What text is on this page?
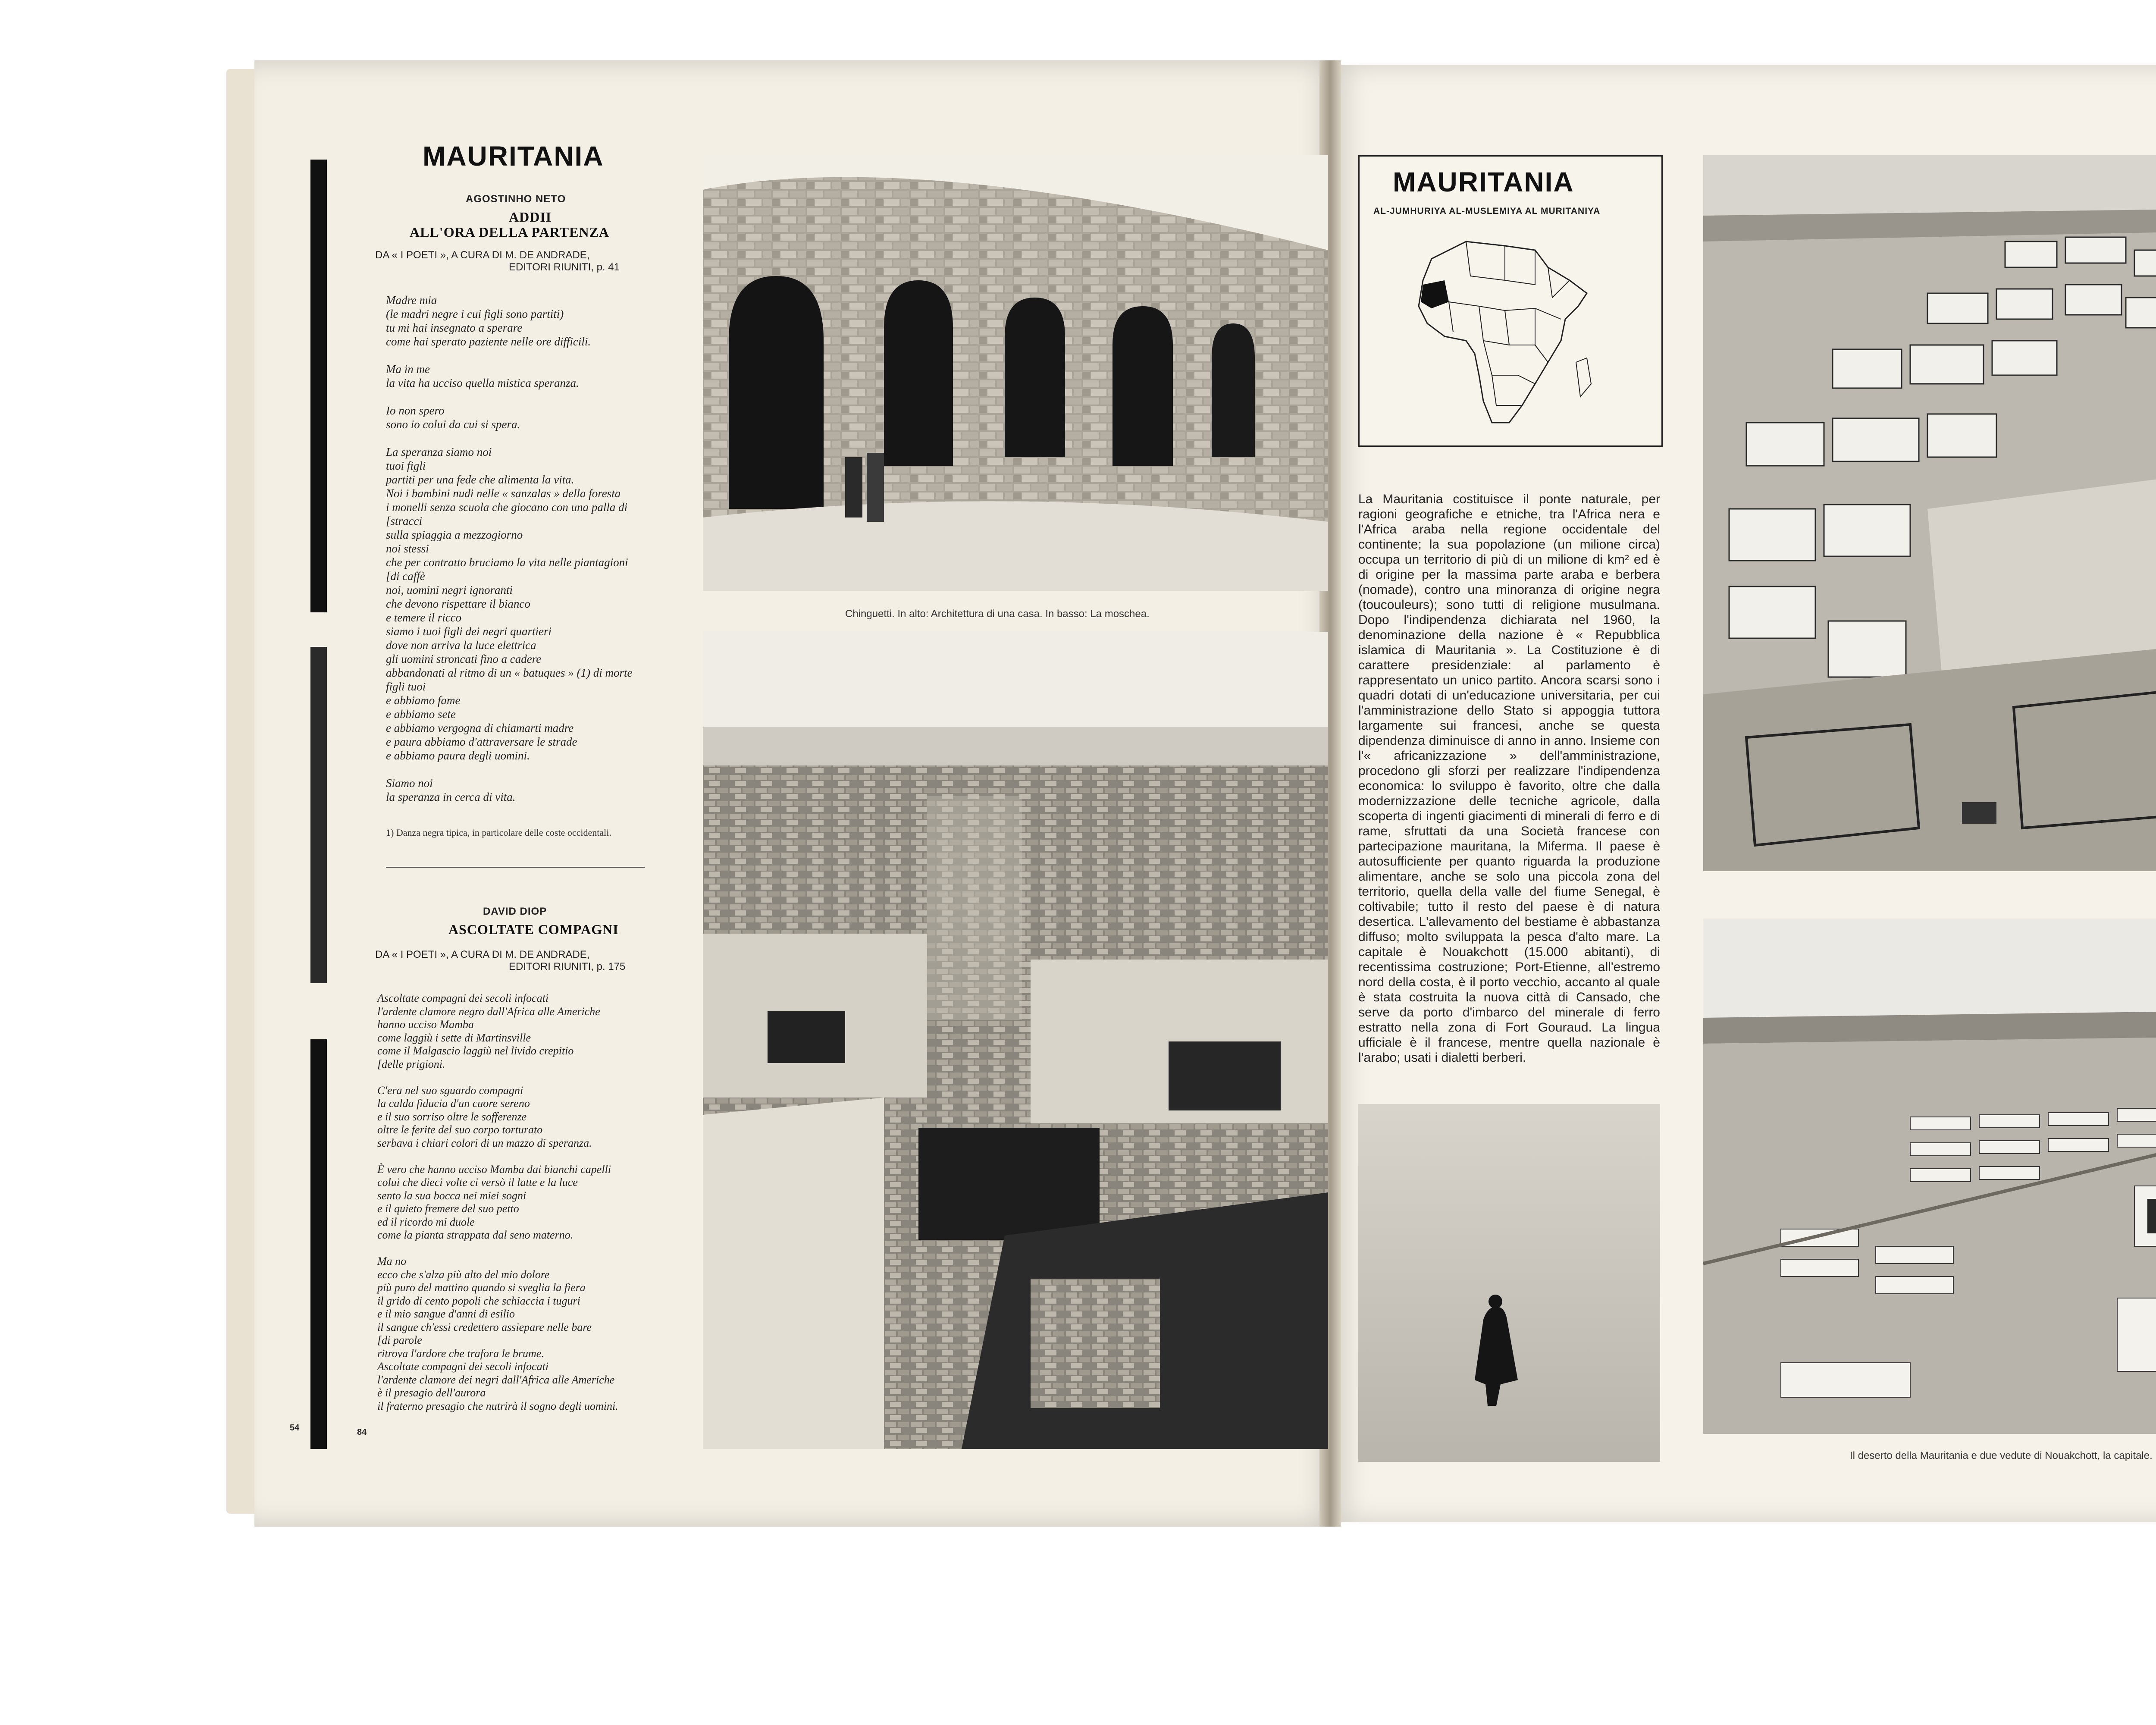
MAURITANIA
AGOSTINHO NETO
ADDII
ALL'ORA DELLA PARTENZA
DA « I POETI », A CURA DI M. DE ANDRADE,
EDITORI RIUNITI, p. 41
Madre mia
(le madri negre i cui figli sono partiti)
tu mi hai insegnato a sperare
come hai sperato paziente nelle ore difficili.

Ma in me
la vita ha ucciso quella mistica speranza.

Io non spero
sono io colui da cui si spera.

La speranza siamo noi
tuoi figli
partiti per una fede che alimenta la vita.
Noi i bambini nudi nelle « sanzalas » della foresta
i monelli senza scuola che giocano con una palla di
[stracci
sulla spiaggia a mezzogiorno
noi stessi
che per contratto bruciamo la vita nelle piantagioni
[di caffè
noi, uomini negri ignoranti
che devono rispettare il bianco
e temere il ricco
siamo i tuoi figli dei negri quartieri
dove non arriva la luce elettrica
gli uomini stroncati fino a cadere
abbandonati al ritmo di un « batuques » (1) di morte
figli tuoi
e abbiamo fame
e abbiamo sete
e abbiamo vergogna di chiamarti madre
e paura abbiamo d'attraversare le strade
e abbiamo paura degli uomini.

Siamo noi
la speranza in cerca di vita.
1) Danza negra tipica, in particolare delle coste occidentali.
DAVID DIOP
ASCOLTATE COMPAGNI
DA « I POETI », A CURA DI M. DE ANDRADE,
EDITORI RIUNITI, p. 175
Ascoltate compagni dei secoli infocati
l'ardente clamore negro dall'Africa alle Americhe
hanno ucciso Mamba
come laggiù i sette di Martinsville
come il Malgascio laggiù nel livido crepitio
[delle prigioni.

C'era nel suo sguardo compagni
la calda fiducia d'un cuore sereno
e il suo sorriso oltre le sofferenze
oltre le ferite del suo corpo torturato
serbava i chiari colori di un mazzo di speranza.

È vero che hanno ucciso Mamba dai bianchi capelli
colui che dieci volte ci versò il latte e la luce
sento la sua bocca nei miei sogni
e il quieto fremere del suo petto
ed il ricordo mi duole
come la pianta strappata dal seno materno.

Ma no
ecco che s'alza più alto del mio dolore
più puro del mattino quando si sveglia la fiera
il grido di cento popoli che schiaccia i tuguri
e il mio sangue d'anni di esilio
il sangue ch'essi credettero assiepare nelle bare
[di parole
ritrova l'ardore che trafora le brume.
Ascoltate compagni dei secoli infocati
l'ardente clamore dei negri dall'Africa alle Americhe
è il presagio dell'aurora
il fraterno presagio che nutrirà il sogno degli uomini.
54	84
Chinguetti. In alto: Architettura di una casa. In basso: La moschea.
MAURITANIA
AL-JUMHURIYA AL-MUSLEMIYA AL MURITANIYA
La Mauritania costituisce il ponte naturale, per ragioni geografiche e etniche, tra l'Africa nera e l'Africa araba nella regione occidentale del continente; la sua popolazione (un milione circa) occupa un territorio di più di un milione di km² ed è di origine per la massima parte araba e berbera (nomade), contro una minoranza di origine negra (toucouleurs); sono tutti di religione musulmana. Dopo l'indipendenza dichiarata nel 1960, la denominazione della nazione è « Repubblica islamica di Mauritania ». La Costituzione è di carattere presidenziale: al parlamento è rappresentato un unico partito. Ancora scarsi sono i quadri dotati di un'educazione universitaria, per cui l'amministrazione dello Stato si appoggia tuttora largamente sui francesi, anche se questa dipendenza diminuisce di anno in anno. Insieme con l'« africanizzazione » dell'amministrazione, procedono gli sforzi per realizzare l'indipendenza economica: lo sviluppo è favorito, oltre che dalla modernizzazione delle tecniche agricole, dalla scoperta di ingenti giacimenti di minerali di ferro e di rame, sfruttati da una Società francese con partecipazione mauritana, la Miferma. Il paese è autosufficiente per quanto riguarda la produzione alimentare, anche se solo una piccola zona del territorio, quella della valle del fiume Senegal, è coltivabile; tutto il resto del paese è di natura desertica. L'allevamento del bestiame è abbastanza diffuso; molto sviluppata la pesca d'alto mare. La capitale è Nouakchott (15.000 abitanti), di recentissima costruzione; Port-Etienne, all'estremo nord della costa, è il porto vecchio, accanto al quale è stata costruita la nuova città di Cansado, che serve da porto d'imbarco del minerale di ferro estratto nella zona di Fort Gouraud. La lingua ufficiale è il francese, mentre quella nazionale è l'arabo; usati i dialetti berberi.
Il deserto della Mauritania e due vedute di Nouakchott, la capitale.
